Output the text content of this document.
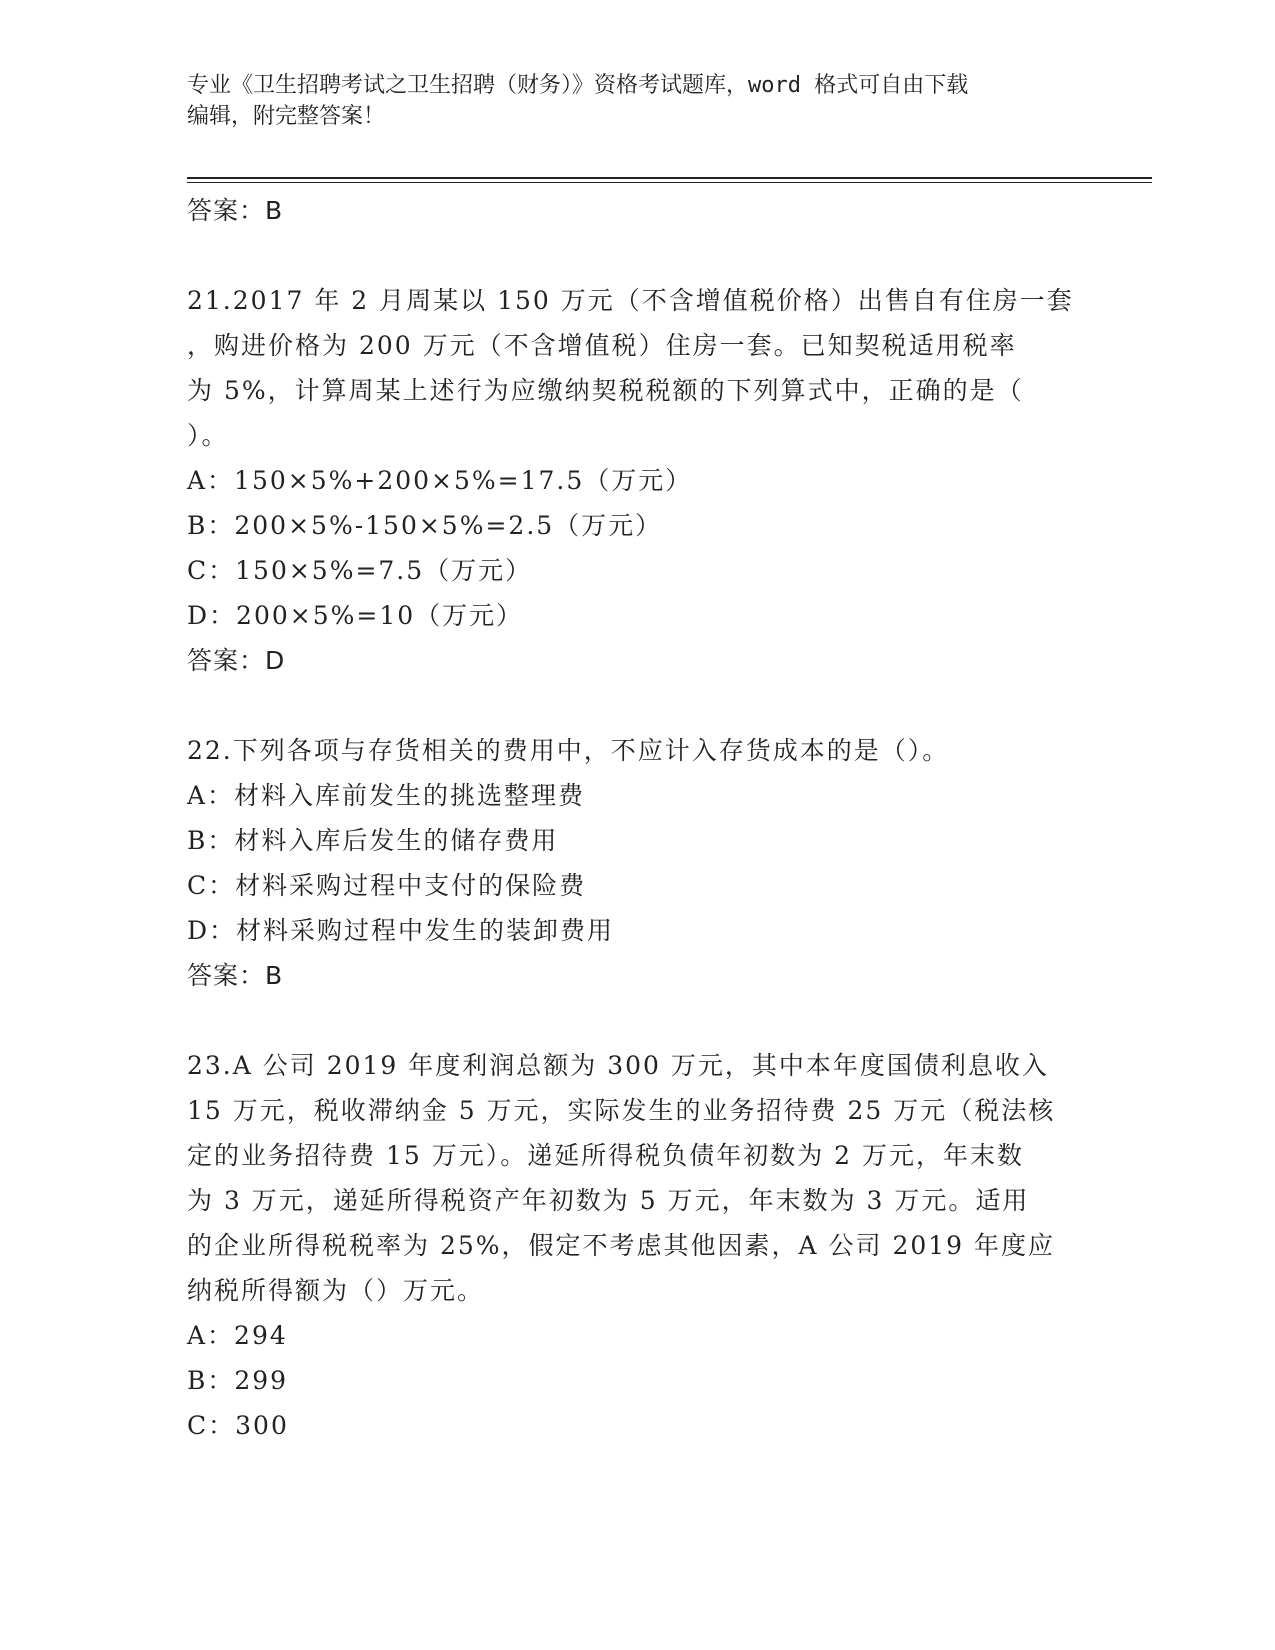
专业《卫生招聘考试之卫生招聘（财务）》资格考试题库，word 格式可自由下载
编辑，附完整答案！
答案：B
21.2017 年 2 月周某以 150 万元（不含增值税价格）出售自有住房一套
，购进价格为 200 万元（不含增值税）住房一套。已知契税适用税率
为 5%，计算周某上述行为应缴纳契税税额的下列算式中，正确的是（
）。
A：150×5%+200×5%=17.5（万元）
B：200×5%-150×5%=2.5（万元）
C：150×5%=7.5（万元）
D：200×5%=10（万元）
答案：D
22.下列各项与存货相关的费用中，不应计入存货成本的是（）。
A：材料入库前发生的挑选整理费
B：材料入库后发生的储存费用
C：材料采购过程中支付的保险费
D：材料采购过程中发生的装卸费用
答案：B
23.A 公司 2019 年度利润总额为 300 万元，其中本年度国债利息收入
15 万元，税收滞纳金 5 万元，实际发生的业务招待费 25 万元（税法核
定的业务招待费 15 万元）。递延所得税负债年初数为 2 万元，年末数
为 3 万元，递延所得税资产年初数为 5 万元，年末数为 3 万元。适用
的企业所得税税率为 25%，假定不考虑其他因素，A 公司 2019 年度应
纳税所得额为（）万元。
A：294
B：299
C：300
